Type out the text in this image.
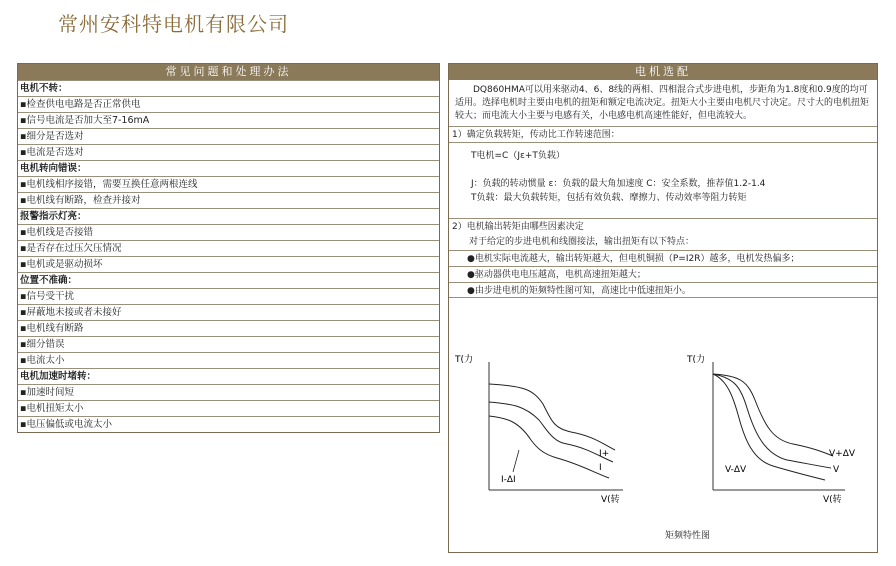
常州安科特电机有限公司
常见问题和处理办法
电机不转：
▪检查供电电路是否正常供电
▪信号电流是否加大至7-16mA
▪细分是否选对
▪电流是否选对
电机转向错误：
▪电机线相序接错，需要互换任意两根连线
▪电机线有断路，检查并接对
报警指示灯亮：
▪电机线是否接错
▪是否存在过压欠压情况
▪电机或是驱动损坏
位置不准确：
▪信号受干扰
▪屏蔽地未接或者未接好
▪电机线有断路
▪细分错误
▪电流太小
电机加速时堵转：
▪加速时间短
▪电机扭矩太小
▪电压偏低或电流太小
电机选配
DQ860HMA可以用来驱动4、6、8线的两相、四相混合式步进电机，步距角为1.8度和0.9度的均可适用。选择电机时主要由电机的扭矩和额定电流决定。扭矩大小主要由电机尺寸决定。尺寸大的电机扭矩较大；而电流大小主要与电感有关，小电感电机高速性能好，但电流较大。
1）确定负载转矩，传动比工作转速范围：
T电机=C（Jε+T负载）
J：负载的转动惯量 ε：负载的最大角加速度 C：安全系数，推荐值1.2-1.4
T负载：最大负载转矩，包括有效负载、摩擦力、传动效率等阻力转矩
2）电机输出转矩由哪些因素决定
对于给定的步进电机和线圈接法，输出扭矩有以下特点：
●电机实际电流越大，输出转矩越大，但电机铜损（P=I2R）越多，电机发热偏多；
●驱动器供电电压越高，电机高速扭矩越大；
●由步进电机的矩频特性图可知，高速比中低速扭矩小。
T(力
V(转
I+
I
I-ΔI
T(力
V(转
V+ΔV
V
V-ΔV
矩频特性图
